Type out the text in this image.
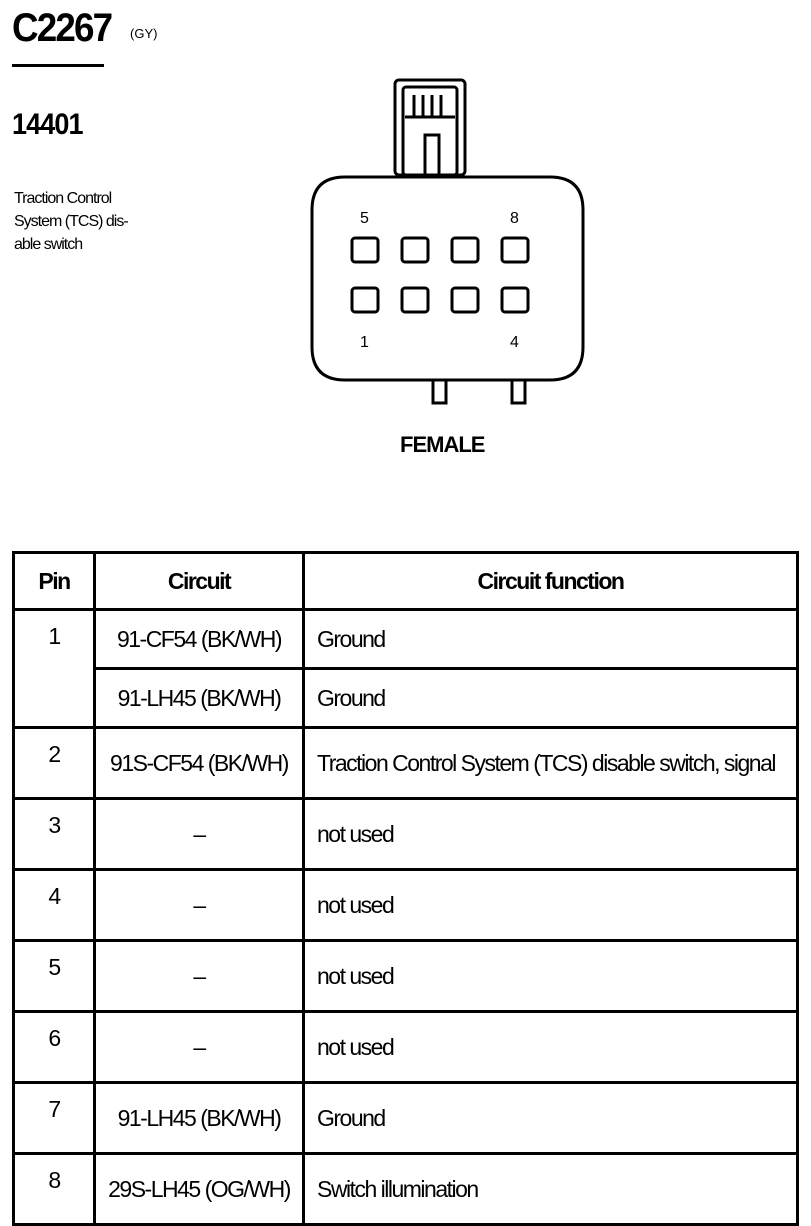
C2267 (GY)
14401
Traction Control System (TCS) dis- able switch
5	8
1	4
FEMALE
Pin	Circuit	Circuit function
1	91-CF54 (BK/WH)	Ground
	91-LH45 (BK/WH)	Ground
2	91S-CF54 (BK/WH)	Traction Control System (TCS) disable switch, signal
3	–	not used
4	–	not used
5	–	not used
6	–	not used
7	91-LH45 (BK/WH)	Ground
8	29S-LH45 (OG/WH)	Switch illumination
